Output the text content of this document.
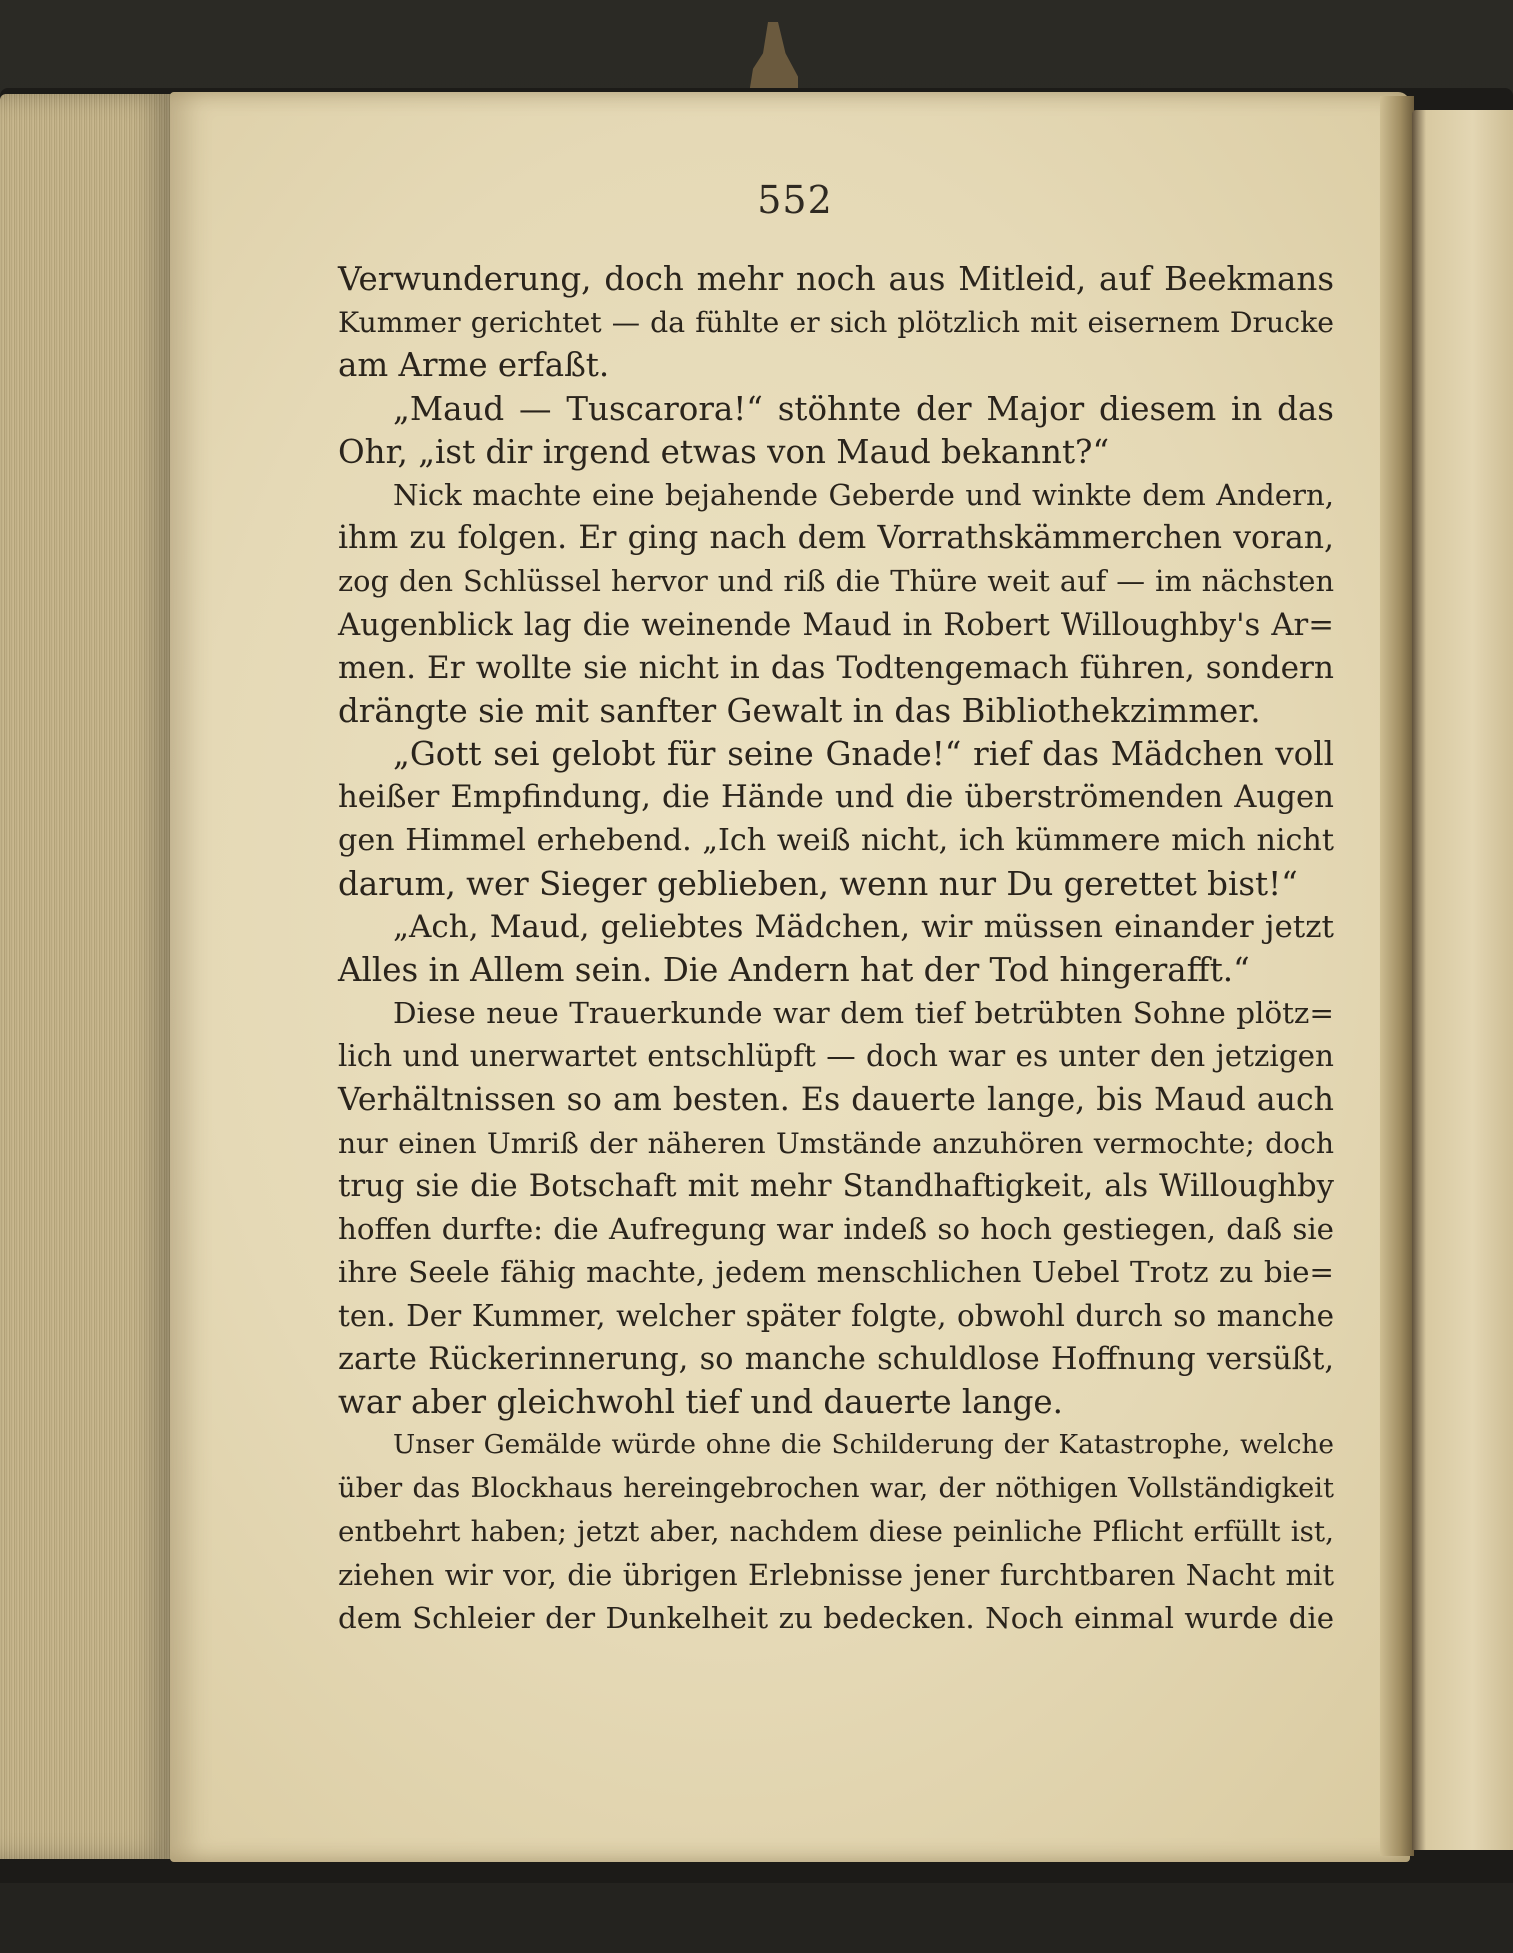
552
Verwunderung, doch mehr noch aus Mitleid, auf Beekmans
Kummer gerichtet — da fühlte er sich plötzlich mit eisernem Drucke
am Arme erfaßt.
„Maud — Tuscarora!“ stöhnte der Major diesem in das
Ohr, „ist dir irgend etwas von Maud bekannt?“
Nick machte eine bejahende Geberde und winkte dem Andern,
ihm zu folgen. Er ging nach dem Vorrathskämmerchen voran,
zog den Schlüssel hervor und riß die Thüre weit auf — im nächsten
Augenblick lag die weinende Maud in Robert Willoughby's Ar=
men. Er wollte sie nicht in das Todtengemach führen, sondern
drängte sie mit sanfter Gewalt in das Bibliothekzimmer.
„Gott sei gelobt für seine Gnade!“ rief das Mädchen voll
heißer Empfindung, die Hände und die überströmenden Augen
gen Himmel erhebend. „Ich weiß nicht, ich kümmere mich nicht
darum, wer Sieger geblieben, wenn nur Du gerettet bist!“
„Ach, Maud, geliebtes Mädchen, wir müssen einander jetzt
Alles in Allem sein. Die Andern hat der Tod hingerafft.“
Diese neue Trauerkunde war dem tief betrübten Sohne plötz=
lich und unerwartet entschlüpft — doch war es unter den jetzigen
Verhältnissen so am besten. Es dauerte lange, bis Maud auch
nur einen Umriß der näheren Umstände anzuhören vermochte; doch
trug sie die Botschaft mit mehr Standhaftigkeit, als Willoughby
hoffen durfte: die Aufregung war indeß so hoch gestiegen, daß sie
ihre Seele fähig machte, jedem menschlichen Uebel Trotz zu bie=
ten. Der Kummer, welcher später folgte, obwohl durch so manche
zarte Rückerinnerung, so manche schuldlose Hoffnung versüßt,
war aber gleichwohl tief und dauerte lange.
Unser Gemälde würde ohne die Schilderung der Katastrophe, welche
über das Blockhaus hereingebrochen war, der nöthigen Vollständigkeit
entbehrt haben; jetzt aber, nachdem diese peinliche Pflicht erfüllt ist,
ziehen wir vor, die übrigen Erlebnisse jener furchtbaren Nacht mit
dem Schleier der Dunkelheit zu bedecken. Noch einmal wurde die
